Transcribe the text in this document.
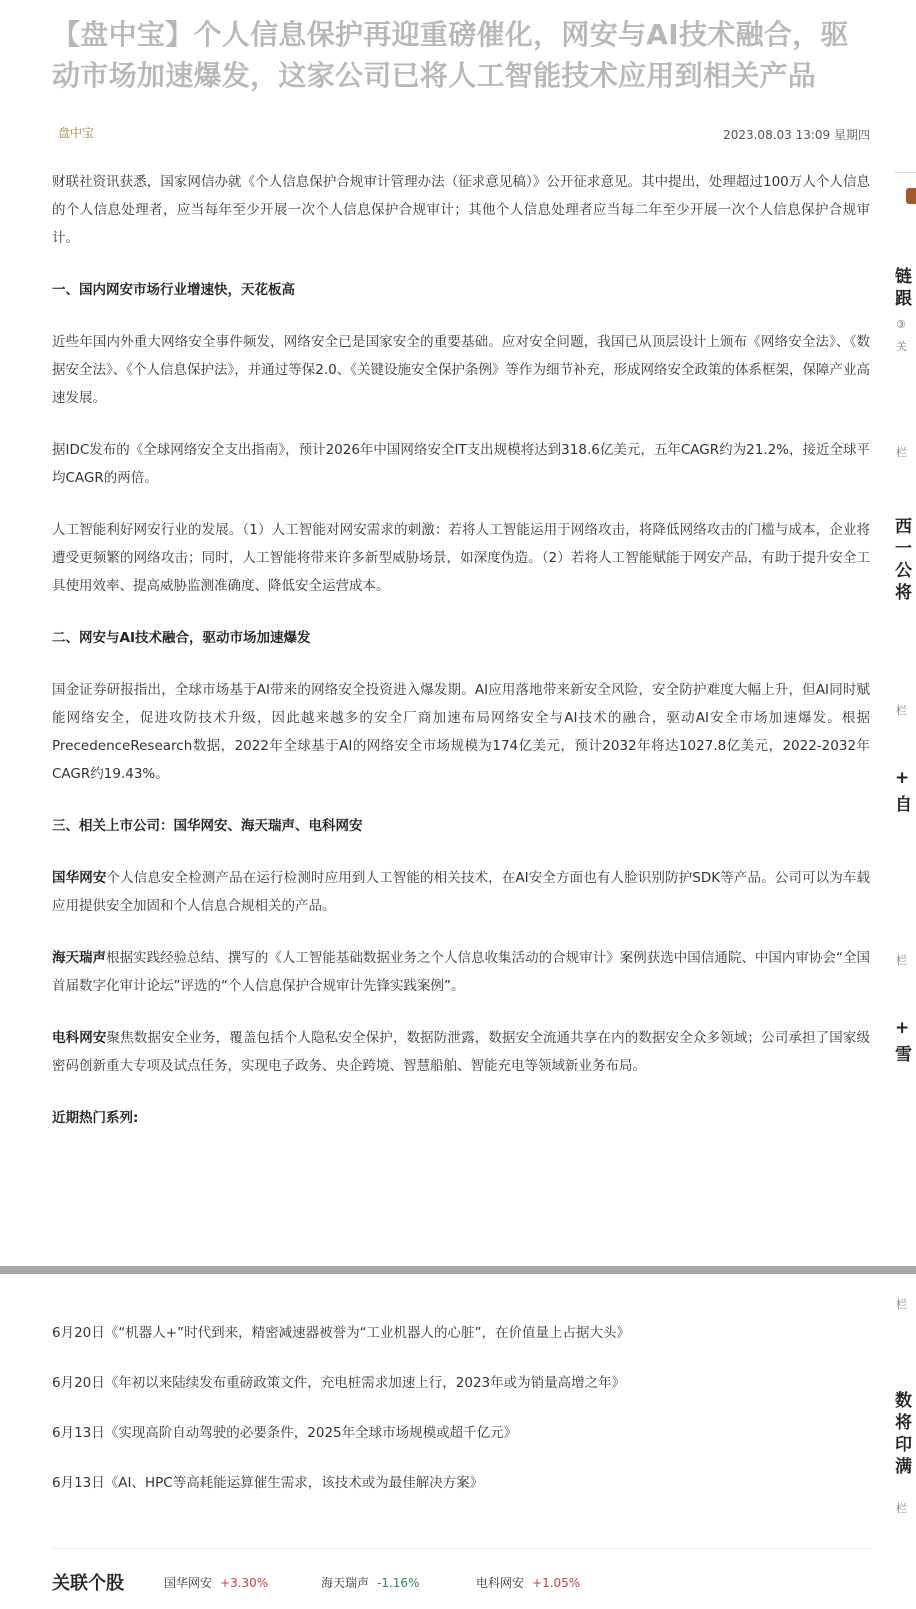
【盘中宝】个人信息保护再迎重磅催化，网安与AI技术融合，驱动市场加速爆发，这家公司已将人工智能技术应用到相关产品
盘中宝	2023.08.03 13:09 星期四

财联社资讯获悉，国家网信办就《个人信息保护合规审计管理办法（征求意见稿）》公开征求意见。其中提出，处理超过100万人个人信息的个人信息处理者，应当每年至少开展一次个人信息保护合规审计；其他个人信息处理者应当每二年至少开展一次个人信息保护合规审计。

一、国内网安市场行业增速快，天花板高

近些年国内外重大网络安全事件频发，网络安全已是国家安全的重要基础。应对安全问题，我国已从顶层设计上颁布《网络安全法》、《数据安全法》、《个人信息保护法》，并通过等保2.0、《关键设施安全保护条例》等作为细节补充，形成网络安全政策的体系框架，保障产业高速发展。

据IDC发布的《全球网络安全支出指南》，预计2026年中国网络安全IT支出规模将达到318.6亿美元，五年CAGR约为21.2%，接近全球平均CAGR的两倍。

人工智能利好网安行业的发展。（1）人工智能对网安需求的刺激：若将人工智能运用于网络攻击，将降低网络攻击的门槛与成本，企业将遭受更频繁的网络攻击；同时，人工智能将带来许多新型威胁场景，如深度伪造。（2）若将人工智能赋能于网安产品，有助于提升安全工具使用效率、提高威胁监测准确度、降低安全运营成本。

二、网安与AI技术融合，驱动市场加速爆发

国金证券研报指出，全球市场基于AI带来的网络安全投资进入爆发期。AI应用落地带来新安全风险，安全防护难度大幅上升，但AI同时赋能网络安全，促进攻防技术升级，因此越来越多的安全厂商加速布局网络安全与AI技术的融合，驱动AI安全市场加速爆发。根据PrecedenceResearch数据，2022年全球基于AI的网络安全市场规模为174亿美元，预计2032年将达1027.8亿美元，2022-2032年CAGR约19.43%。

三、相关上市公司：国华网安、海天瑞声、电科网安

国华网安个人信息安全检测产品在运行检测时应用到人工智能的相关技术，在AI安全方面也有人脸识别防护SDK等产品。公司可以为车载应用提供安全加固和个人信息合规相关的产品。

海天瑞声根据实践经验总结、撰写的《人工智能基础数据业务之个人信息收集活动的合规审计》案例获选中国信通院、中国内审协会“全国首届数字化审计论坛”评选的“个人信息保护合规审计先锋实践案例”。

电科网安聚焦数据安全业务，覆盖包括个人隐私安全保护，数据防泄露，数据安全流通共享在内的数据安全众多领域；公司承担了国家级密码创新重大专项及试点任务，实现电子政务、央企跨境、智慧船舶、智能充电等领域新业务布局。

近期热门系列:

6月20日《“机器人+”时代到来，精密减速器被誉为“工业机器人的心脏”，在价值量上占据大头》
6月20日《年初以来陆续发布重磅政策文件，充电桩需求加速上行，2023年或为销量高增之年》
6月13日《实现高阶自动驾驶的必要条件，2025年全球市场规模或超千亿元》
6月13日《AI、HPC等高耗能运算催生需求，该技术或为最佳解决方案》
关联个股	国华网安 +3.30%	海天瑞声 -1.16%	电科网安 +1.05%
链
跟
③
关
栏
西
一
公
将
栏
+
自
栏
+
雪
栏
数
将
印
满
栏
